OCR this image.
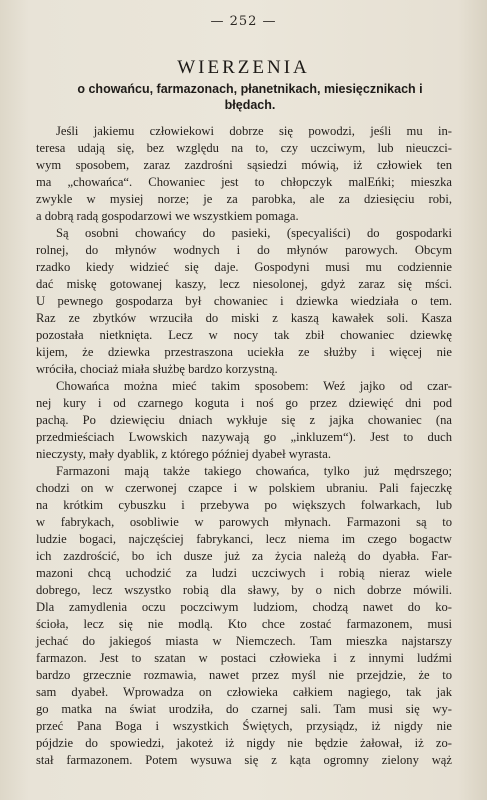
— 252 —
WIERZENIA
o chowańcu, farmazonach, płanetnikach, miesięcznikach i błędach.
Jeśli jakiemu człowiekowi dobrze się powodzi, jeśli mu in-
teresa udają się, bez względu na to, czy uczciwym, lub nieuczci-
wym sposobem, zaraz zazdrośni sąsiedzi mówią, iż człowiek ten
ma „chowańca“. Chowaniec jest to chłopczyk malEńki; mieszka
zwykle w mysiej norze; je za parobka, ale za dziesięciu robi,
a dobrą radą gospodarzowi we wszystkiem pomaga.
Są osobni chowańcy do pasieki, (specyaliści) do gospodarki
rolnej, do młynów wodnych i do młynów parowych. Obcym
rzadko kiedy widzieć się daje. Gospodyni musi mu codziennie
dać miskę gotowanej kaszy, lecz niesolonej, gdyż zaraz się mści.
U pewnego gospodarza był chowaniec i dziewka wiedziała o tem.
Raz ze zbytków wrzuciła do miski z kaszą kawałek soli. Kasza
pozostała nietknięta. Lecz w nocy tak zbił chowaniec dziewkę
kijem, że dziewka przestraszona uciekła ze służby i więcej nie
wróciła, chociaż miała służbę bardzo korzystną.
Chowańca można mieć takim sposobem: Weź jajko od czar-
nej kury i od czarnego koguta i noś go przez dziewięć dni pod
pachą. Po dziewięciu dniach wykłuje się z jajka chowaniec (na
przedmieściach Lwowskich nazywają go „inkluzem“). Jest to duch
nieczysty, mały dyablik, z którego później dyabeł wyrasta.
Farmazoni mają także takiego chowańca, tylko już mędrszego;
chodzi on w czerwonej czapce i w polskiem ubraniu. Pali fajeczkę
na krótkim cybuszku i przebywa po większych folwarkach, lub
w fabrykach, osobliwie w parowych młynach. Farmazoni są to
ludzie bogaci, najczęściej fabrykanci, lecz niema im czego bogactw
ich zazdrościć, bo ich dusze już za życia należą do dyabła. Far-
mazoni chcą uchodzić za ludzi uczciwych i robią nieraz wiele
dobrego, lecz wszystko robią dla sławy, by o nich dobrze mówili.
Dla zamydlenia oczu poczciwym ludziom, chodzą nawet do ko-
ścioła, lecz się nie modlą. Kto chce zostać farmazonem, musi
jechać do jakiegoś miasta w Niemczech. Tam mieszka najstarszy
farmazon. Jest to szatan w postaci człowieka i z innymi ludźmi
bardzo grzecznie rozmawia, nawet przez myśl nie przejdzie, że to
sam dyabeł. Wprowadza on człowieka całkiem nagiego, tak jak
go matka na świat urodziła, do czarnej sali. Tam musi się wy-
przeć Pana Boga i wszystkich Świętych, przysiądz, iż nigdy nie
pójdzie do spowiedzi, jakoteż iż nigdy nie będzie żałował, iż zo-
stał farmazonem. Potem wysuwa się z kąta ogromny zielony wąż
